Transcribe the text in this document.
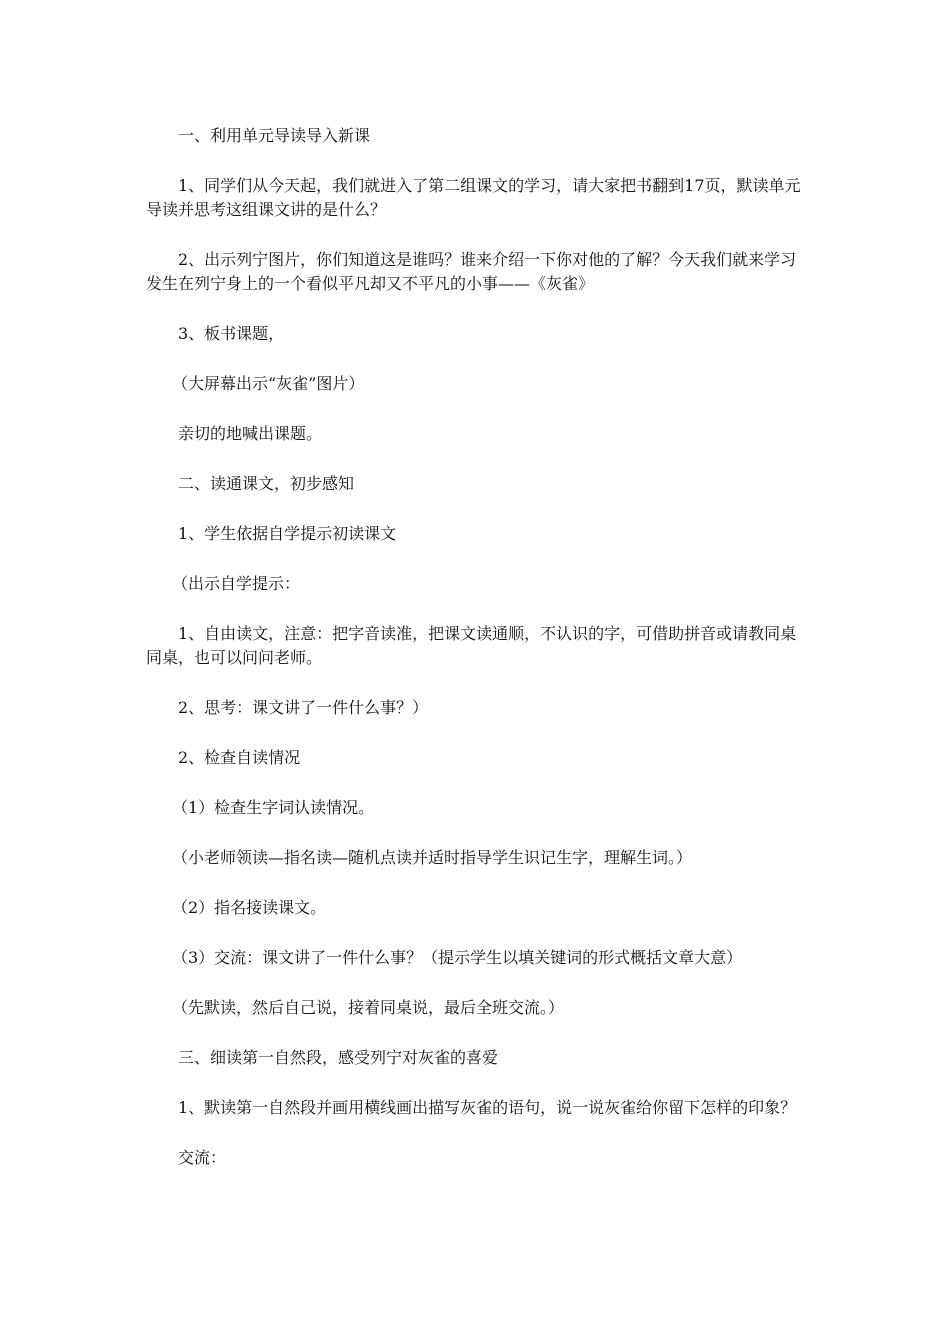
一、利用单元导读导入新课

1、同学们从今天起，我们就进入了第二组课文的学习，请大家把书翻到17页，默读单元导读并思考这组课文讲的是什么？

2、出示列宁图片，你们知道这是谁吗？谁来介绍一下你对他的了解？今天我们就来学习发生在列宁身上的一个看似平凡却又不平凡的小事——《灰雀》

3、板书课题，

（大屏幕出示“灰雀”图片）

亲切的地喊出课题。

二、读通课文，初步感知

1、学生依据自学提示初读课文

（出示自学提示：

1、自由读文，注意：把字音读准，把课文读通顺，不认识的字，可借助拼音或请教同桌同桌，也可以问问老师。

2、思考：课文讲了一件什么事？）

2、检查自读情况

（1）检查生字词认读情况。

（小老师领读—指名读—随机点读并适时指导学生识记生字，理解生词。）

（2）指名接读课文。

（3）交流：课文讲了一件什么事？（提示学生以填关键词的形式概括文章大意）

（先默读，然后自己说，接着同桌说，最后全班交流。）

三、细读第一自然段，感受列宁对灰雀的喜爱

1、默读第一自然段并画用横线画出描写灰雀的语句，说一说灰雀给你留下怎样的印象？

交流：
